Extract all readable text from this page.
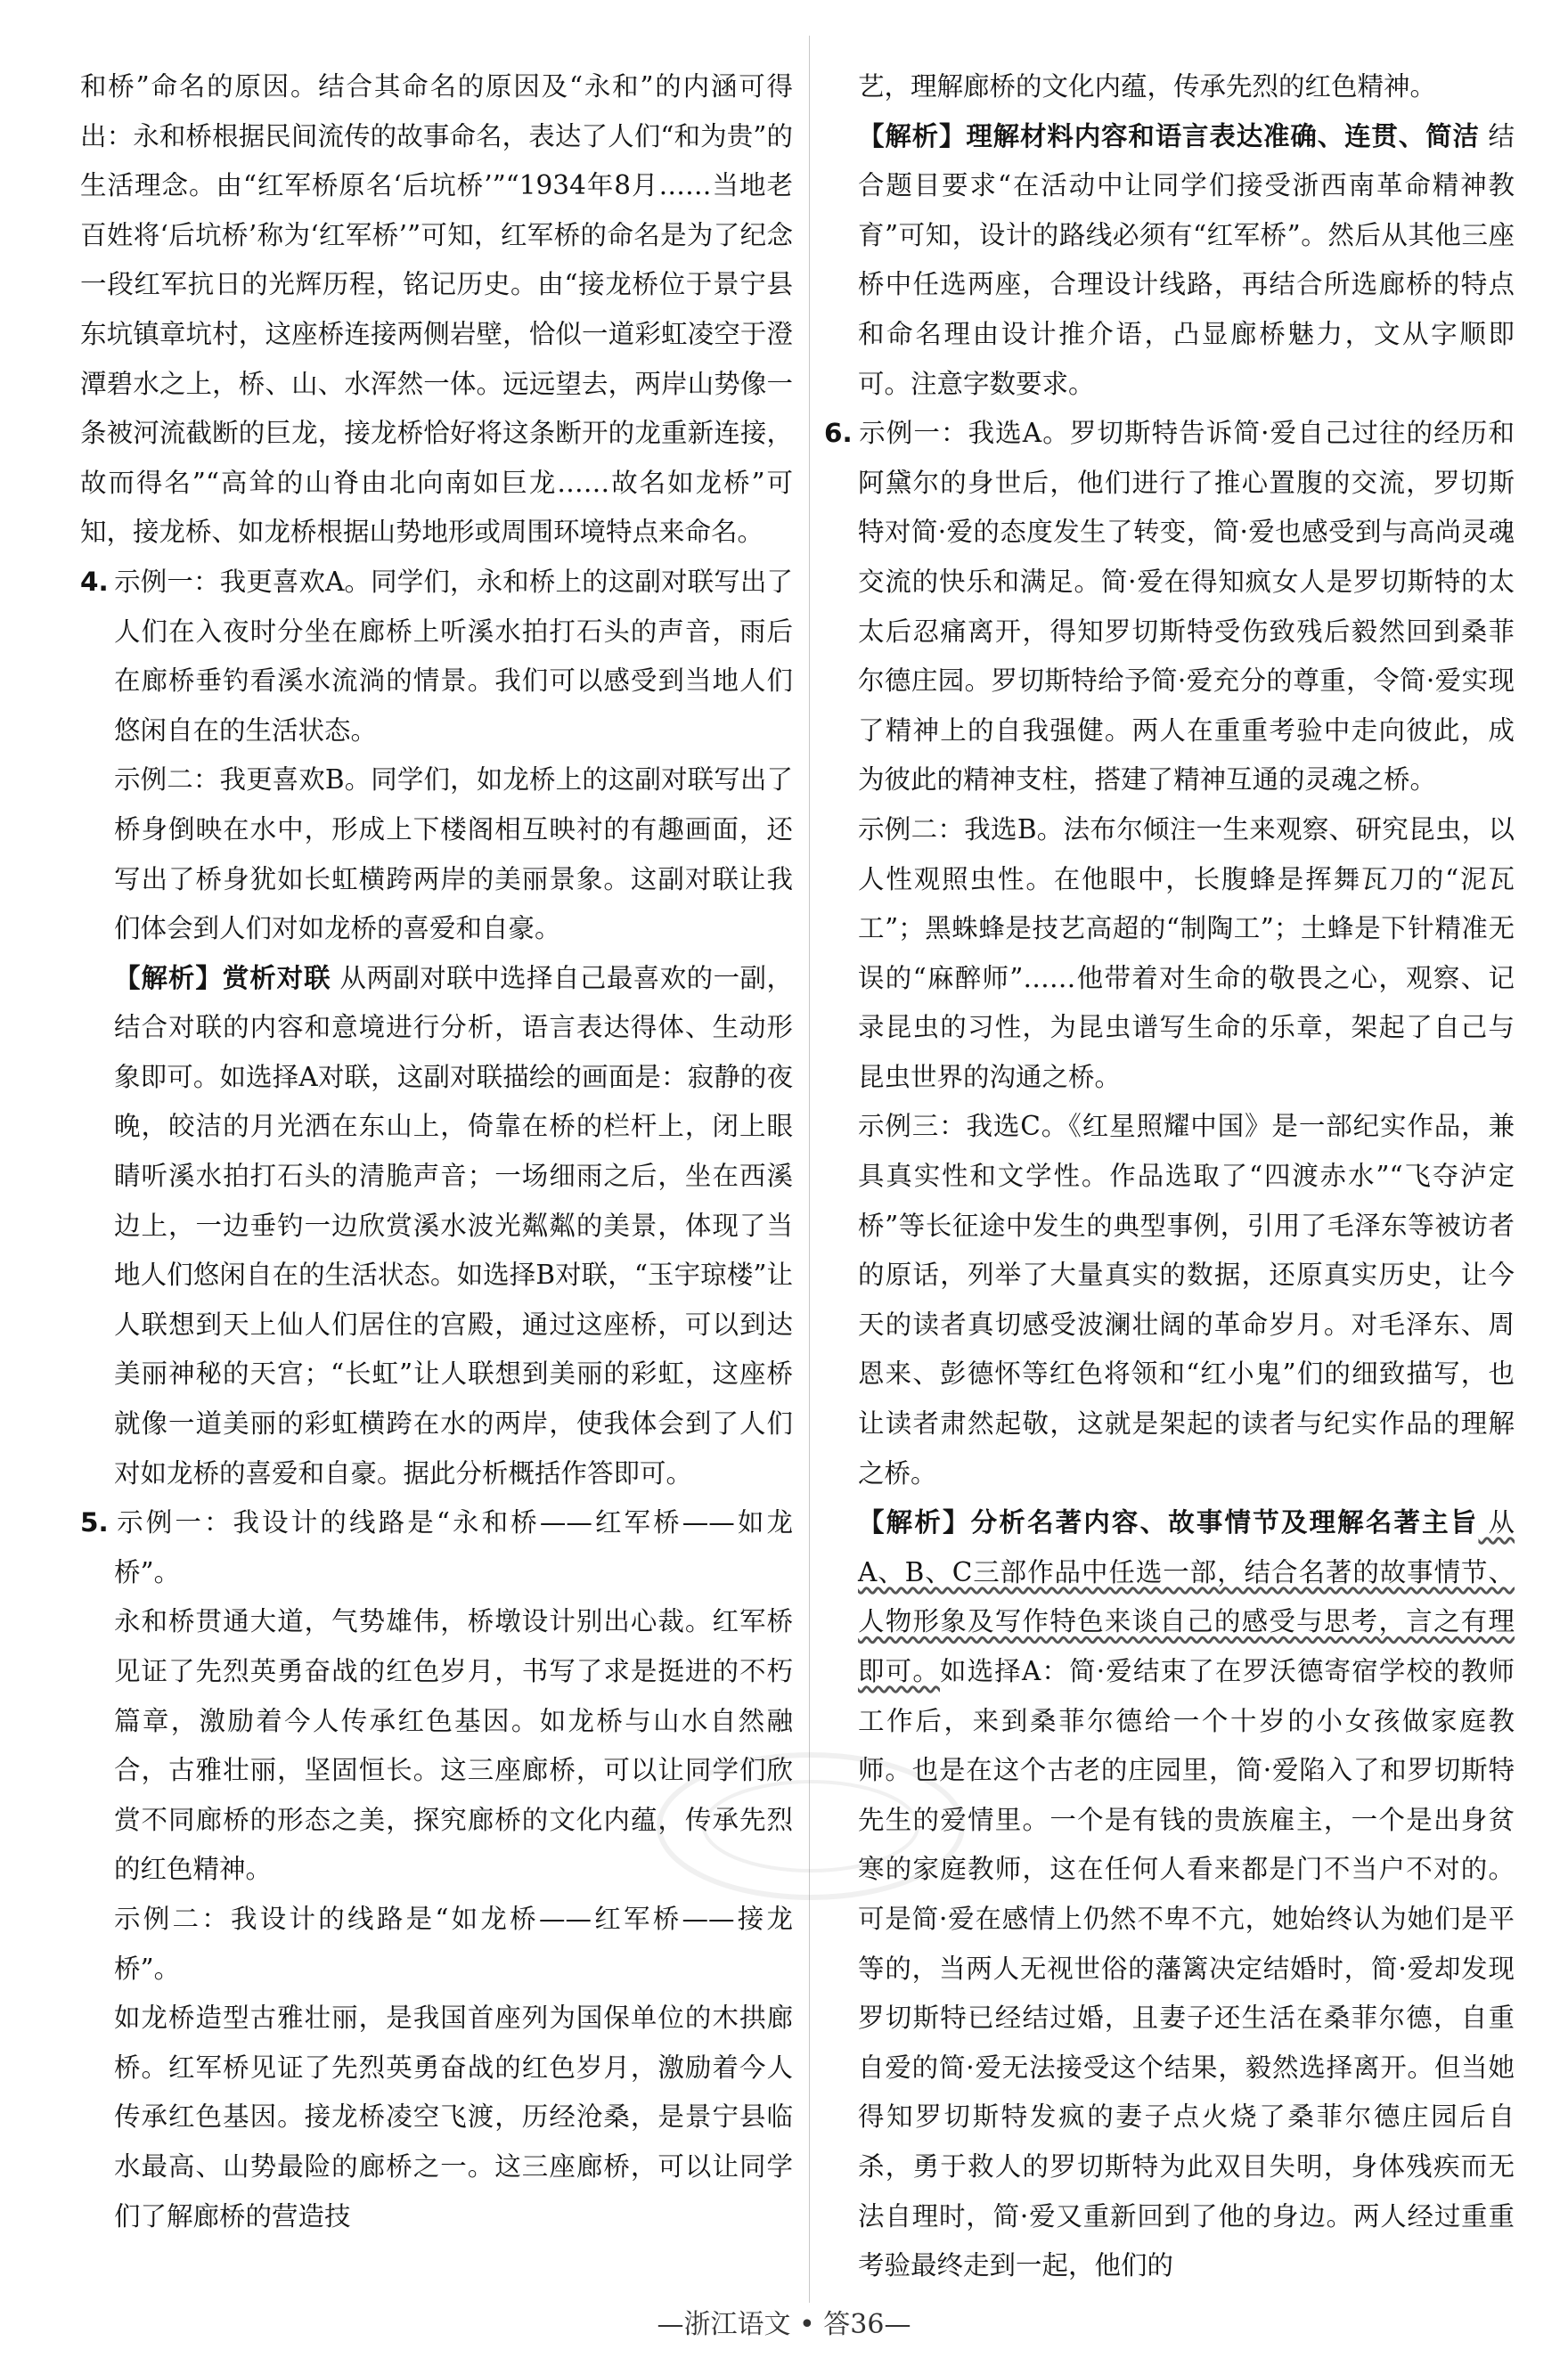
和桥”命名的原因。结合其命名的原因及“永和”的内涵可得出：永和桥根据民间流传的故事命名，表达了人们“和为贵”的生活理念。由“红军桥原名‘后坑桥’”“1934年8月……当地老百姓将‘后坑桥’称为‘红军桥’”可知，红军桥的命名是为了纪念一段红军抗日的光辉历程，铭记历史。由“接龙桥位于景宁县东坑镇章坑村，这座桥连接两侧岩壁，恰似一道彩虹凌空于澄潭碧水之上，桥、山、水浑然一体。远远望去，两岸山势像一条被河流截断的巨龙，接龙桥恰好将这条断开的龙重新连接，故而得名”“高耸的山脊由北向南如巨龙……故名如龙桥”可知，接龙桥、如龙桥根据山势地形或周围环境特点来命名。

4. 示例一：我更喜欢A。同学们，永和桥上的这副对联写出了人们在入夜时分坐在廊桥上听溪水拍打石头的声音，雨后在廊桥垂钓看溪水流淌的情景。我们可以感受到当地人们悠闲自在的生活状态。

示例二：我更喜欢B。同学们，如龙桥上的这副对联写出了桥身倒映在水中，形成上下楼阁相互映衬的有趣画面，还写出了桥身犹如长虹横跨两岸的美丽景象。这副对联让我们体会到人们对如龙桥的喜爱和自豪。

【解析】赏析对联 从两副对联中选择自己最喜欢的一副，结合对联的内容和意境进行分析，语言表达得体、生动形象即可。如选择A对联，这副对联描绘的画面是：寂静的夜晚，皎洁的月光洒在东山上，倚靠在桥的栏杆上，闭上眼睛听溪水拍打石头的清脆声音；一场细雨之后，坐在西溪边上，一边垂钓一边欣赏溪水波光粼粼的美景，体现了当地人们悠闲自在的生活状态。如选择B对联，“玉宇琼楼”让人联想到天上仙人们居住的宫殿，通过这座桥，可以到达美丽神秘的天宫；“长虹”让人联想到美丽的彩虹，这座桥就像一道美丽的彩虹横跨在水的两岸，使我体会到了人们对如龙桥的喜爱和自豪。据此分析概括作答即可。

5. 示例一：我设计的线路是“永和桥——红军桥——如龙桥”。

永和桥贯通大道，气势雄伟，桥墩设计别出心裁。红军桥见证了先烈英勇奋战的红色岁月，书写了求是挺进的不朽篇章，激励着今人传承红色基因。如龙桥与山水自然融合，古雅壮丽，坚固恒长。这三座廊桥，可以让同学们欣赏不同廊桥的形态之美，探究廊桥的文化内蕴，传承先烈的红色精神。

示例二：我设计的线路是“如龙桥——红军桥——接龙桥”。

如龙桥造型古雅壮丽，是我国首座列为国保单位的木拱廊桥。红军桥见证了先烈英勇奋战的红色岁月，激励着今人传承红色基因。接龙桥凌空飞渡，历经沧桑，是景宁县临水最高、山势最险的廊桥之一。这三座廊桥，可以让同学们了解廊桥的营造技

艺，理解廊桥的文化内蕴，传承先烈的红色精神。

【解析】理解材料内容和语言表达准确、连贯、简洁 结合题目要求“在活动中让同学们接受浙西南革命精神教育”可知，设计的路线必须有“红军桥”。然后从其他三座桥中任选两座，合理设计线路，再结合所选廊桥的特点和命名理由设计推介语，凸显廊桥魅力，文从字顺即可。注意字数要求。

6. 示例一：我选A。罗切斯特告诉简·爱自己过往的经历和阿黛尔的身世后，他们进行了推心置腹的交流，罗切斯特对简·爱的态度发生了转变，简·爱也感受到与高尚灵魂交流的快乐和满足。简·爱在得知疯女人是罗切斯特的太太后忍痛离开，得知罗切斯特受伤致残后毅然回到桑菲尔德庄园。罗切斯特给予简·爱充分的尊重，令简·爱实现了精神上的自我强健。两人在重重考验中走向彼此，成为彼此的精神支柱，搭建了精神互通的灵魂之桥。

示例二：我选B。法布尔倾注一生来观察、研究昆虫，以人性观照虫性。在他眼中，长腹蜂是挥舞瓦刀的“泥瓦工”；黑蛛蜂是技艺高超的“制陶工”；土蜂是下针精准无误的“麻醉师”……他带着对生命的敬畏之心，观察、记录昆虫的习性，为昆虫谱写生命的乐章，架起了自己与昆虫世界的沟通之桥。

示例三：我选C。《红星照耀中国》是一部纪实作品，兼具真实性和文学性。作品选取了“四渡赤水”“飞夺泸定桥”等长征途中发生的典型事例，引用了毛泽东等被访者的原话，列举了大量真实的数据，还原真实历史，让今天的读者真切感受波澜壮阔的革命岁月。对毛泽东、周恩来、彭德怀等红色将领和“红小鬼”们的细致描写，也让读者肃然起敬，这就是架起的读者与纪实作品的理解之桥。

【解析】分析名著内容、故事情节及理解名著主旨 从A、B、C三部作品中任选一部，结合名著的故事情节、人物形象及写作特色来谈自己的感受与思考，言之有理即可。如选择A：简·爱结束了在罗沃德寄宿学校的教师工作后，来到桑菲尔德给一个十岁的小女孩做家庭教师。也是在这个古老的庄园里，简·爱陷入了和罗切斯特先生的爱情里。一个是有钱的贵族雇主，一个是出身贫寒的家庭教师，这在任何人看来都是门不当户不对的。可是简·爱在感情上仍然不卑不亢，她始终认为她们是平等的，当两人无视世俗的藩篱决定结婚时，简·爱却发现罗切斯特已经结过婚，且妻子还生活在桑菲尔德，自重自爱的简·爱无法接受这个结果，毅然选择离开。但当她得知罗切斯特发疯的妻子点火烧了桑菲尔德庄园后自杀，勇于救人的罗切斯特为此双目失明，身体残疾而无法自理时，简·爱又重新回到了他的身边。两人经过重重考验最终走到一起，他们的

—浙江语文 • 答36—
